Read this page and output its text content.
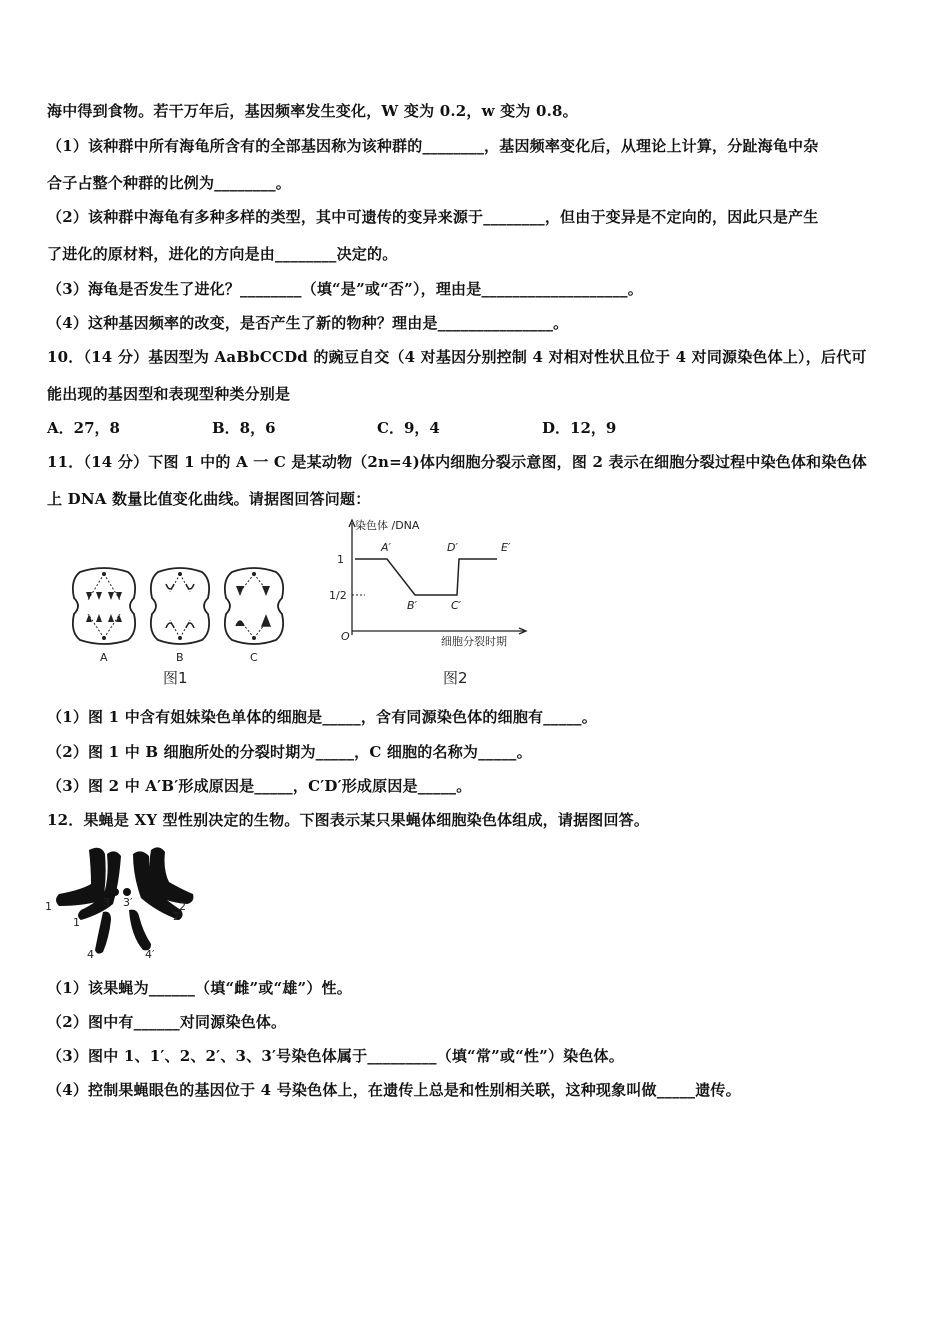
海中得到食物。若干万年后，基因频率发生变化，W 变为 0.2，w 变为 0.8。
（1）该种群中所有海龟所含有的全部基因称为该种群的________，基因频率变化后，从理论上计算，分趾海龟中杂
合子占整个种群的比例为________。
（2）该种群中海龟有多种多样的类型，其中可遗传的变异来源于________，但由于变异是不定向的，因此只是产生
了进化的原材料，进化的方向是由________决定的。
（3）海龟是否发生了进化？________（填“是”或“否”），理由是___________________。
（4）这种基因频率的改变，是否产生了新的物种？理由是_______________。
10．（14 分）基因型为 AaBbCCDd 的豌豆自交（4 对基因分别控制 4 对相对性状且位于 4 对同源染色体上），后代可
能出现的基因型和表现型种类分别是
A．27，8	B．8，6	C．9，4	D．12，9
11．（14 分）下图 1 中的 A 一 C 是某动物（2n=4)体内细胞分裂示意图，图 2 表示在细胞分裂过程中染色体和染色体
上 DNA 数量比值变化曲线。请据图回答问题：
A	B	C
图1
染色体 /DNA
细胞分裂时期
O
1
1/2
A′
B′	C′
D′	E′
图2
（1）图 1 中含有姐妹染色单体的细胞是_____，含有同源染色体的细胞有_____。
（2）图 1 中 B 细胞所处的分裂时期为_____，C 细胞的名称为_____。
（3）图 2 中 A′B′形成原因是_____，C′D′形成原因是_____。
12．果蝇是 XY 型性别决定的生物。下图表示某只果蝇体细胞染色体组成，请据图回答。
1
1′
2
2′
3 3′
4	4′
（1）该果蝇为______（填“雌”或“雄”）性。
（2）图中有______对同源染色体。
（3）图中 1、1′、2、2′、3、3′号染色体属于_________（填“常”或“性”）染色体。
（4）控制果蝇眼色的基因位于 4 号染色体上，在遗传上总是和性别相关联，这种现象叫做_____遗传。
